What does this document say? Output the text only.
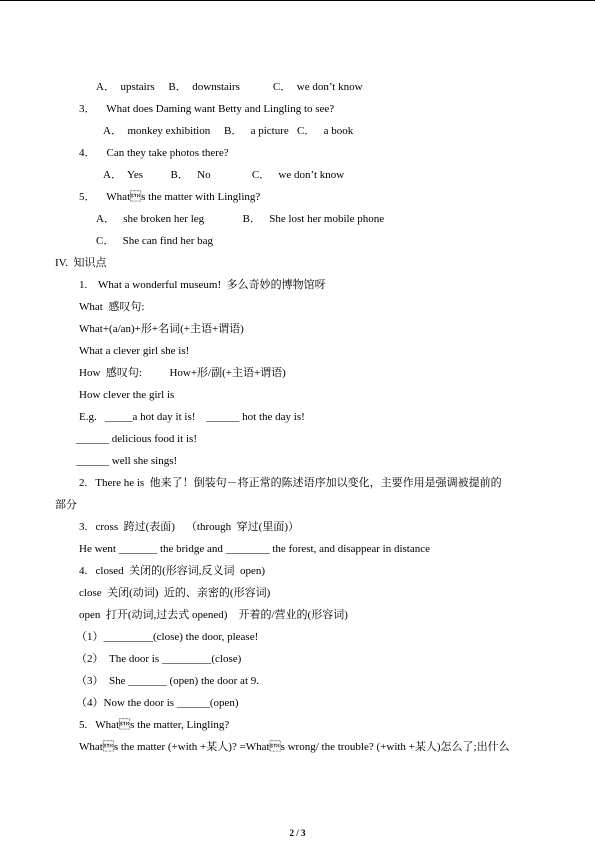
A．  upstairs     B．  downstairs            C．  we don’t know
3．    What does Daming want Betty and Lingling to see?
A．  monkey exhibition     B．   a picture   C．   a book
4．    Can they take photos there?
A．  Yes          B．   No               C．   we don’t know
5．    Whats the matter with Lingling?
A．   she broken her leg              B．   She lost her mobile phone
C．   She can find her bag
IV.  知识点
1.    What a wonderful museum!  多么奇妙的博物馆呀
What  感叹句:
What+(a/an)+形+名词(+主语+谓语)
What a clever girl she is!
How  感叹句:          How+形/副(+主语+谓语)
How clever the girl is
E.g.   _____a hot day it is!    ______ hot the day is!
______ delicious food it is!
______ well she sings!
2.   There he is  他来了！倒装句－将正常的陈述语序加以变化，主要作用是强调被提前的
部分
3.   cross  跨过(表面)    （through  穿过(里面)）
He went _______ the bridge and ________ the forest, and disappear in distance
4.   closed  关闭的(形容词,反义词  open)
close  关闭(动词)  近的、亲密的(形容词)
open  打开(动词,过去式 opened)    开着的/营业的(形容词)
（1）_________(close) the door, please!
（2）  The door is _________(close)
（3）  She _______ (open) the door at 9.
（4）Now the door is ______(open)
5.   Whats the matter, Lingling?
Whats the matter (+with +某人)? =Whats wrong/ the trouble? (+with +某人)怎么了;出什么
2 / 3
